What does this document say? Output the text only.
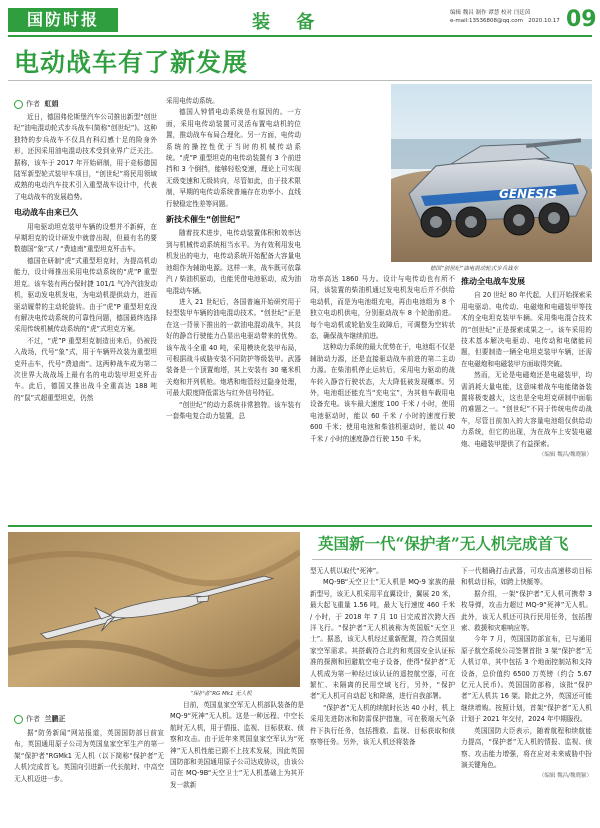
国防时报	装 备	编辑 魏昌 制作 谭慧 校对 闫廷茵
e-mail:13536808@qq.com 2020.10.17 09
电动战车有了新发展
作者 虹娟

近日，德国弗伦斯堡汽车公司推出新型“创世纪”油电混动轮式步兵战车(简称“创世纪”)。这种独特的步兵战车不仅具有科幻感十足的险身外形，还因采用油电混动技术受到业界广泛关注。据称，该车于 2017 年开始研制，用于竞标德国陆军新型轮式装甲车项目，“创世纪”将民用领域成熟的电动汽车技术引入重型战车设计中，代表了电动战车的发展趋势。

电动战车由来已久

用电驱动坦克装甲车辆的设想并不新鲜，在早期坦克的设计研发中就曾出现，但最有名的要数德国“象”式 / “费迪南”重型坦克歼击车。

德国在研制“虎”式重型坦克时，为提高机动能力，设计师推出采用电传动系统的“虎”P 重型坦克。该车装有两台保时捷 101/1 气冷汽油发动机，驱动发电机发电，为电动机提供动力，进而驱动履带的主动轮旋转。由于“虎”P 重型坦克没有解决电传动系统的可靠性问题，德国最终选择采用传统机械传动系统的“虎”式坦克方案。

不过，“虎”P 重型坦克制造出来后，仍被投入战场，代号“象”式，用于车辆歼改装为重型坦克歼击车，代号“费迪南”。这两种战车成为第二次世界大战战场上最有名的电动装甲坦克歼击车。此后，德国又推出战斗全重高达 188 吨的“鼠”式超重型坦克，仍然

采用电传动系统。

德国人钟情电动系统是有原因的。一方面，采用电传动装置可灵活布置电动机的位置，推动战车布局合理化。另一方面，电传动系统的操控性优于当时的机械传动系统。“虎”P 重型坦克的电传动装置有 3 个前进挡和 3 个倒挡，能够轻松变速，理论上可实现无级变速和无级转向，尽管如此，由于技术限制，早期的电传动系统普遍存在功率小、直线行驶稳定性差等问题。

新技术催生“创世纪”

随着技术进步，电传动装置体积和效率达到与机械传动系统相当水平。为有效利用发电机发出的电力，电传动系统开始配备大容量电池组作为辅助电源。这样一来，战车既可依靠汽 / 柴油机驱动，也能凭借电池驱动，成为油电混动车辆。

进入 21 世纪后，各国普遍开始研究用于轻型装甲车辆的油电混动技术。“创世纪”正是在这一背景下推出的一款油电混动战车，其良好的静音行驶能力凸显出电驱动带来的优势。该车战斗全重 40 吨，采用模块化装甲布局，可根据战斗威胁安装不同防护等级装甲。武器装备是一个顶置炮塔，其上安装有 30 毫米机关炮和并列机枪。炮塔和炮管经过隐身处理，可最大限度降低雷达与红外信号特征。

“创世纪”的动力系统非常独特。该车装有一套柴电复合动力装置，总

GENESIS
德国“创世纪”油电混动轮式步兵战车

功率高达 1860 马力。设计与电传动也有所不同，该装置的柴油机通过发电机发电后并不供给电动机，而是为电池组充电，再由电池组为 8 个独立电动机供电，分别驱动战车 8 个轮胎前进。每个电动机或轮胎发生故障后，可调整为空转状态，确保战车继续前进。

这种动力系统的最大优势在于，电池组不仅是辅助动力源，还是直接驱动战车前进的第二主动力源。在柴油机停止运转后，采用电力驱动的战车转入静音行驶状态，大大降低被发现概率。另外，电池组还能充当“充电宝”，为其他车载用电设备充电。该车最大速度 100 千米 / 小时，使用电池驱动时，能以 60 千米 / 小时的速度行驶 600 千米；使用电池和柴油机驱动时，能以 40 千米 / 小时的速度静音行驶 150 千米。

推动全电战车发展

自 20 世纪 80 年代起，人们开始探索采用电驱动、电传动、电磁炮和电磁装甲等技术的全电坦克装甲车辆。采用柴电混合技术的“创世纪”正是探索成果之一。该车采用的技术基本解决电驱动、电传动和电储能问题，但要制造一辆全电坦克装甲车辆，还需在电磁炮和电磁装甲方面取得突破。

然而，无论是电磁炮还是电磁装甲，均需消耗大量电能，这意味着战车电能储备装置将极变越大，这也是全电坦克研制中面临的难题之一。“创世纪”不同于传统电传动战车，尽管目前加入的大容量电池组仅供给动力系统，但它的出现，为在战车上安装电磁炮、电磁装甲提供了有益探索。

（编辑 魏昌/魏晓颖）
“保护者”RG Mk1 无人机
英国新一代“保护者”无人机完成首飞
作者 兰鹏正

据“防务新闻”网站报道，英国国防部日前宣布，英国通用原子公司为英国皇家空军生产的第一架“保护者”RGMk1 无人机（以下简称“保护者”无人机)完成首飞。英国向引进新一代长航时、中高空无人机迈进一步。

目前，英国皇家空军无人机部队装备的是 MQ-9“死神”无人机。这是一种远程、中空长航时无人机，用于情报、监视、目标获取、侦察和攻击。由于近年来英国皇家空军认为“死神”无人机性能已跟不上技术发展，因此英国国防部和美国通用原子公司达成协议，由该公司在 MQ-9B“天空卫士”无人机基础上为其开发一款新

型无人机以取代“死神”。

MQ-9B“天空卫士”无人机是 MQ-9 家族的最新型号，该无人机采用平直翼设计，翼展 20 米，最大起飞重量 1.56 吨，最大飞行速度 460 千米 / 小时，于 2018 年 7 月 10 日完成首次跨大西洋飞行。“保护者”无人机被称为英国版“天空卫士”。据悉，该无人机经过重新配置，符合英国皇家空军需求。其搭载符合北约和英国安全认证标准的探测和回避航空电子设备，使得“保护者”无人机成为第一种经过该认证的遥控航空器，可在繁忙、未隔离的民用空域飞行，另外，“保护者”无人机可自动起飞和降落，进行自我部署。

“保护者”无人机的续航时长达 40 小时，机上采用先进防冰和防雷保护措施，可在极端天气条件下执行任务，包括搜救、监视、目标获取和侦察等任务。另外，该无人机还将装备

下一代精确打击武器，可攻击高速移动目标和机动目标，如跨上快艇等。

据介绍，一架“保护者”无人机可携带 3 枚导弹，攻击力超过 MQ-9“死神”无人机。此外，该无人机还可执行民用任务，包括搜索、救援和灾难响应等。

今年 7 月，英国国防部宣布，已与通用原子航空系统公司签署首批 3 架“保护者”无人机订单，其中包括 3 个地面控制站和支持设备，总价值约 6500 万英镑（约合 5.67 亿元人民币)。英国国防部称，该批“保护者”无人机共 16 架。除此之外，英国还可能继续增购。按照计划，首架“保护者”无人机计划于 2021 年交付，2024 年中期服役。

英国国防大臣表示，随着航程和续航能力提高，“保护者”无人机的情报、监视、侦察、攻击能力增强，将在应对未来威胁中扮演关键角色。

（编辑 魏昌/魏晓颖）
